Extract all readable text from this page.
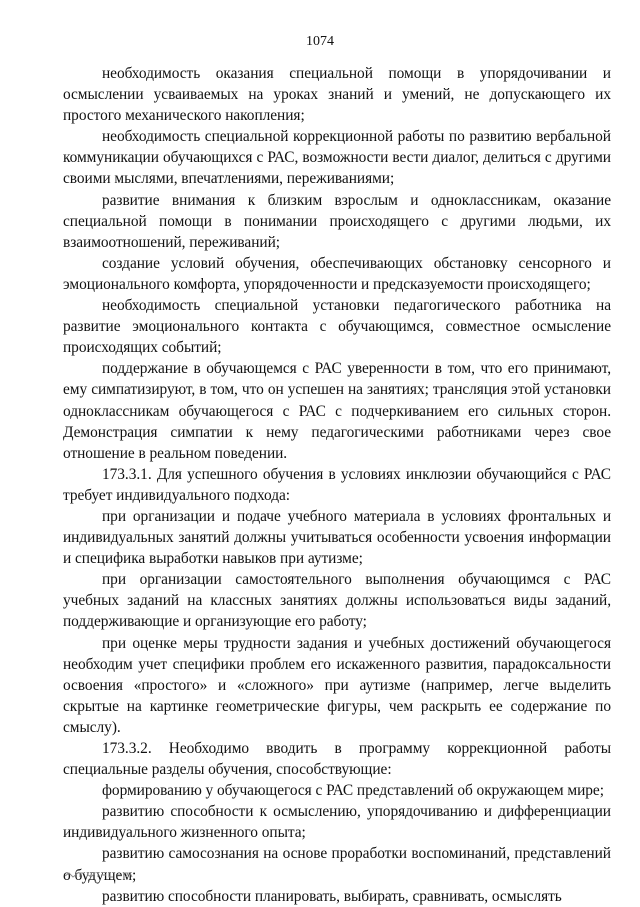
1074

необходимость оказания специальной помощи в упорядочивании и осмыслении усваиваемых на уроках знаний и умений, не допускающего их простого механического накопления;

необходимость специальной коррекционной работы по развитию вербальной коммуникации обучающихся с РАС, возможности вести диалог, делиться с другими своими мыслями, впечатлениями, переживаниями;

развитие внимания к близким взрослым и одноклассникам, оказание специальной помощи в понимании происходящего с другими людьми, их взаимоотношений, переживаний;

создание условий обучения, обеспечивающих обстановку сенсорного и эмоционального комфорта, упорядоченности и предсказуемости происходящего;

необходимость специальной установки педагогического работника на развитие эмоционального контакта с обучающимся, совместное осмысление происходящих событий;

поддержание в обучающемся с РАС уверенности в том, что его принимают, ему симпатизируют, в том, что он успешен на занятиях; трансляция этой установки одноклассникам обучающегося с РАС с подчеркиванием его сильных сторон. Демонстрация симпатии к нему педагогическими работниками через свое отношение в реальном поведении.

173.3.1. Для успешного обучения в условиях инклюзии обучающийся с РАС требует индивидуального подхода:

при организации и подаче учебного материала в условиях фронтальных и индивидуальных занятий должны учитываться особенности усвоения информации и специфика выработки навыков при аутизме;

при организации самостоятельного выполнения обучающимся с РАС учебных заданий на классных занятиях должны использоваться виды заданий, поддерживающие и организующие его работу;

при оценке меры трудности задания и учебных достижений обучающегося необходим учет специфики проблем его искаженного развития, парадоксальности освоения «простого» и «сложного» при аутизме (например, легче выделить скрытые на картинке геометрические фигуры, чем раскрыть ее содержание по смыслу).

173.3.2. Необходимо вводить в программу коррекционной работы специальные разделы обучения, способствующие:

формированию у обучающегося с РАС представлений об окружающем мире;

развитию способности к осмыслению, упорядочиванию и дифференциации индивидуального жизненного опыта;

развитию самосознания на основе проработки воспоминаний, представлений о будущем;

развитию способности планировать, выбирать, сравнивать, осмыслять
